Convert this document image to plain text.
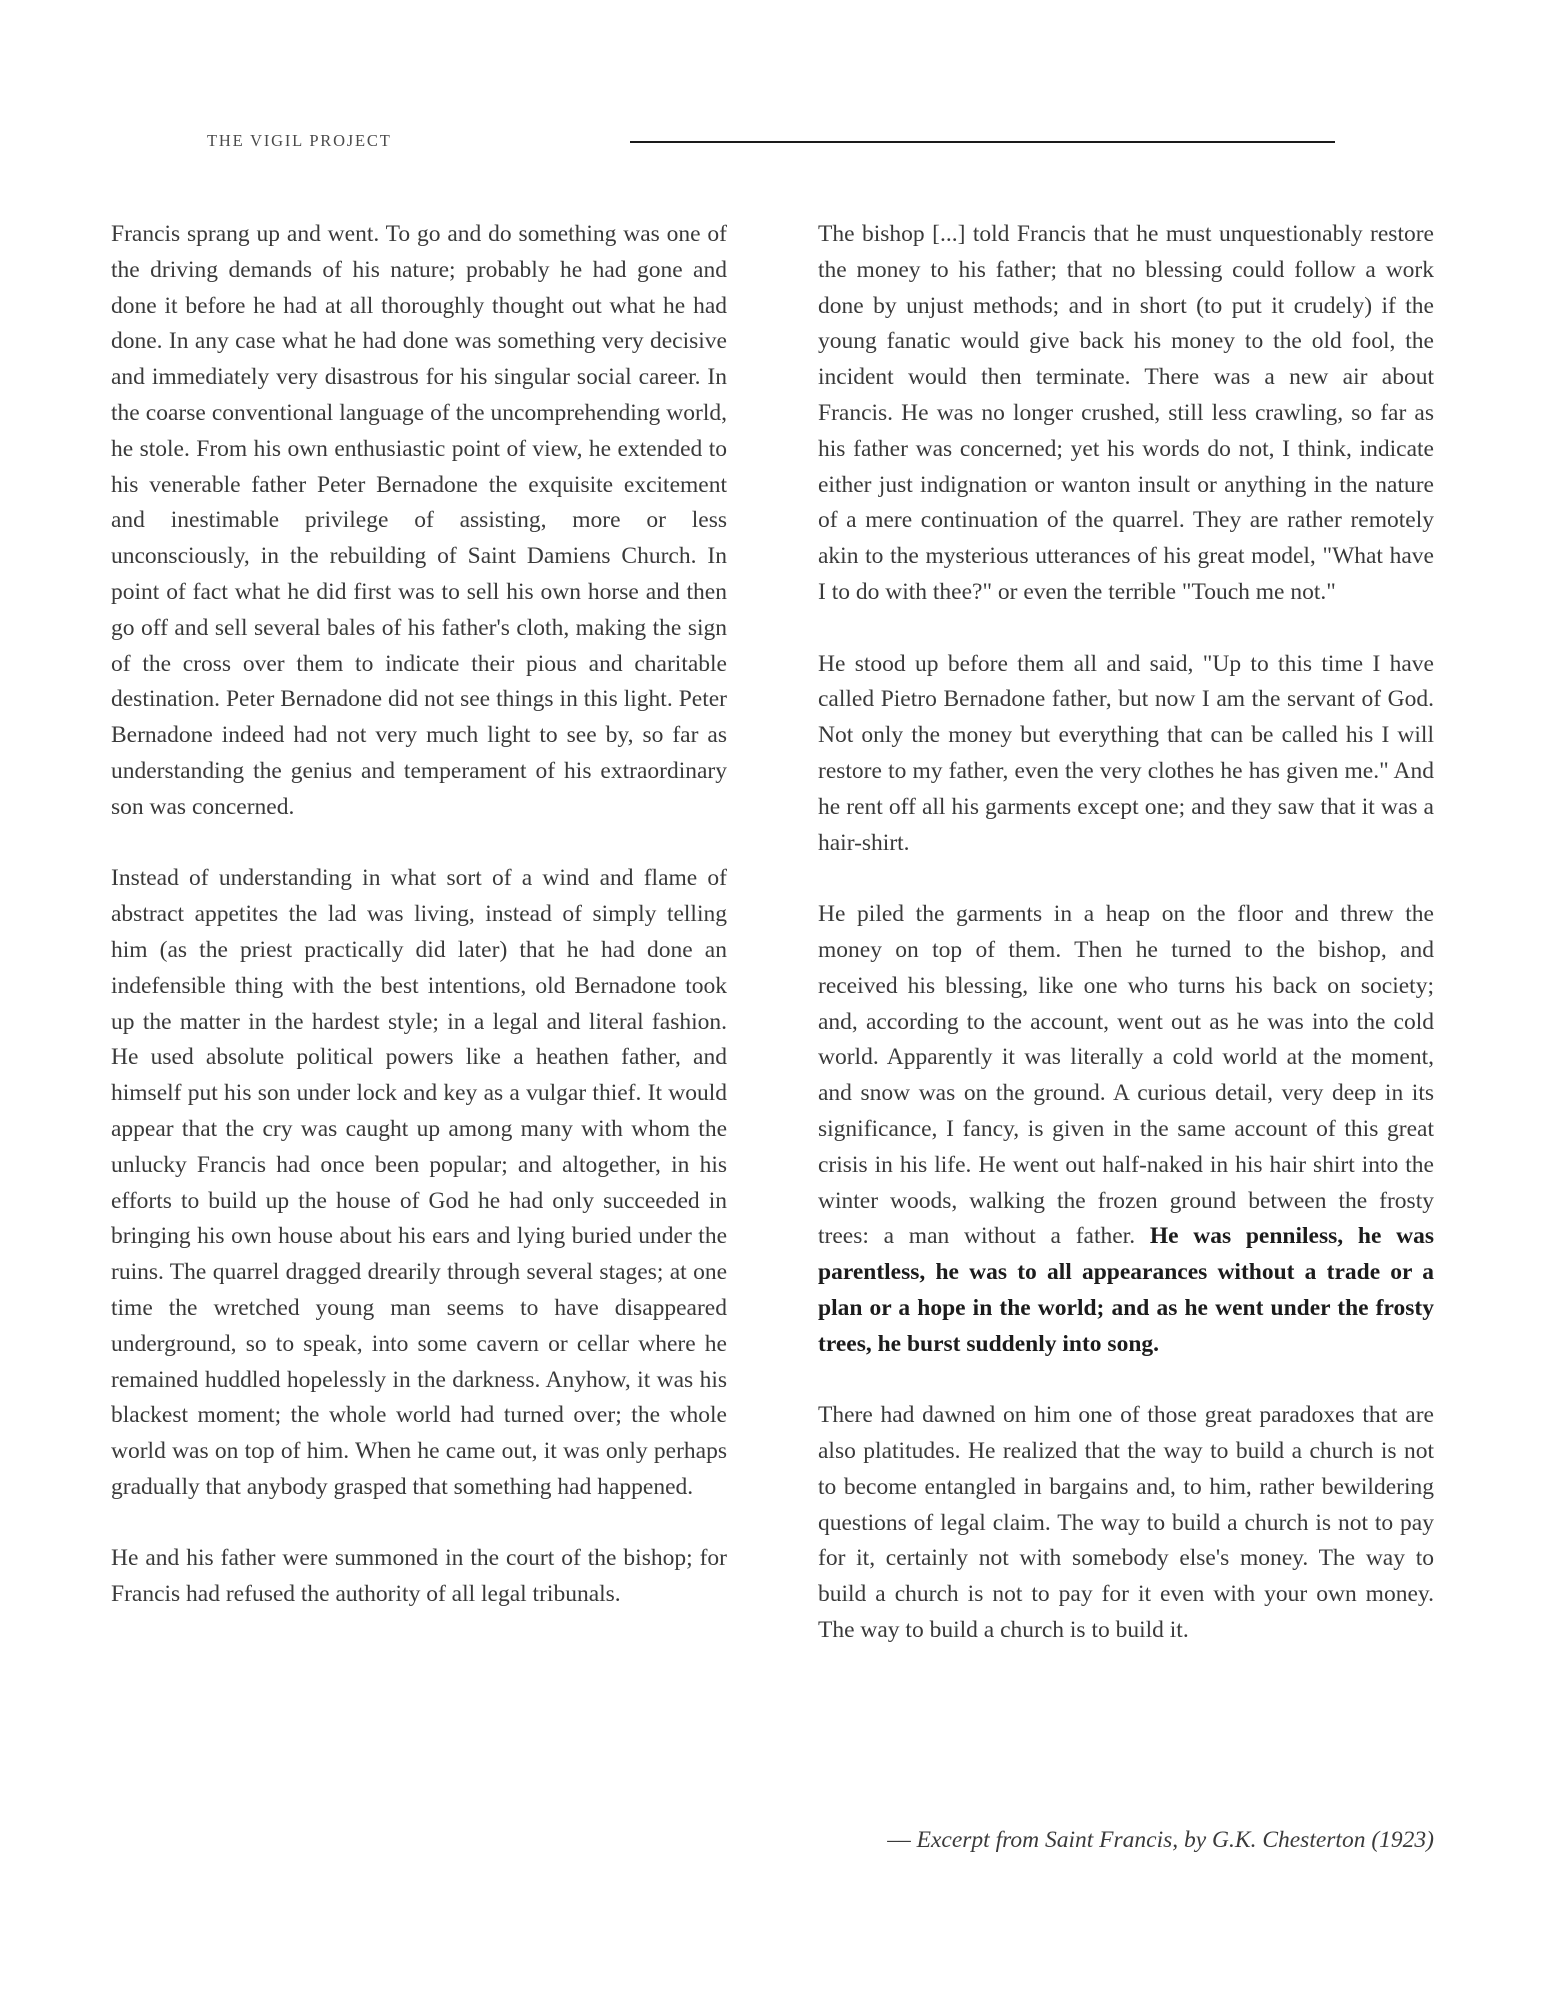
THE VIGIL PROJECT

Francis sprang up and went. To go and do something was one of the driving demands of his nature; probably he had gone and done it before he had at all thoroughly thought out what he had done. In any case what he had done was something very decisive and immediately very disastrous for his singular social career. In the coarse conventional language of the uncomprehending world, he stole. From his own enthusiastic point of view, he extended to his venerable father Peter Bernadone the exquisite excitement and inestimable privilege of assisting, more or less unconsciously, in the rebuilding of Saint Damiens Church. In point of fact what he did first was to sell his own horse and then go off and sell several bales of his father's cloth, making the sign of the cross over them to indicate their pious and charitable destination. Peter Bernadone did not see things in this light. Peter Bernadone indeed had not very much light to see by, so far as understanding the genius and temperament of his extraordinary son was concerned.

Instead of understanding in what sort of a wind and flame of abstract appetites the lad was living, instead of simply telling him (as the priest practically did later) that he had done an indefensible thing with the best intentions, old Bernadone took up the matter in the hardest style; in a legal and literal fashion. He used absolute political powers like a heathen father, and himself put his son under lock and key as a vulgar thief. It would appear that the cry was caught up among many with whom the unlucky Francis had once been popular; and altogether, in his efforts to build up the house of God he had only succeeded in bringing his own house about his ears and lying buried under the ruins. The quarrel dragged drearily through several stages; at one time the wretched young man seems to have disappeared underground, so to speak, into some cavern or cellar where he remained huddled hopelessly in the darkness. Anyhow, it was his blackest moment; the whole world had turned over; the whole world was on top of him. When he came out, it was only perhaps gradually that anybody grasped that something had happened.

He and his father were summoned in the court of the bishop; for Francis had refused the authority of all legal tribunals.

The bishop [...] told Francis that he must unquestionably restore the money to his father; that no blessing could follow a work done by unjust methods; and in short (to put it crudely) if the young fanatic would give back his money to the old fool, the incident would then terminate. There was a new air about Francis. He was no longer crushed, still less crawling, so far as his father was concerned; yet his words do not, I think, indicate either just indignation or wanton insult or anything in the nature of a mere continuation of the quarrel. They are rather remotely akin to the mysterious utterances of his great model, "What have I to do with thee?" or even the terrible "Touch me not."

He stood up before them all and said, "Up to this time I have called Pietro Bernadone father, but now I am the servant of God. Not only the money but everything that can be called his I will restore to my father, even the very clothes he has given me." And he rent off all his garments except one; and they saw that it was a hair-shirt.

He piled the garments in a heap on the floor and threw the money on top of them. Then he turned to the bishop, and received his blessing, like one who turns his back on society; and, according to the account, went out as he was into the cold world. Apparently it was literally a cold world at the moment, and snow was on the ground. A curious detail, very deep in its significance, I fancy, is given in the same account of this great crisis in his life. He went out half-naked in his hair shirt into the winter woods, walking the frozen ground between the frosty trees: a man without a father. He was penniless, he was parentless, he was to all appearances without a trade or a plan or a hope in the world; and as he went under the frosty trees, he burst suddenly into song.

There had dawned on him one of those great paradoxes that are also platitudes. He realized that the way to build a church is not to become entangled in bargains and, to him, rather bewildering questions of legal claim. The way to build a church is not to pay for it, certainly not with somebody else's money. The way to build a church is not to pay for it even with your own money. The way to build a church is to build it.

–– Excerpt from Saint Francis, by G.K. Chesterton (1923)
